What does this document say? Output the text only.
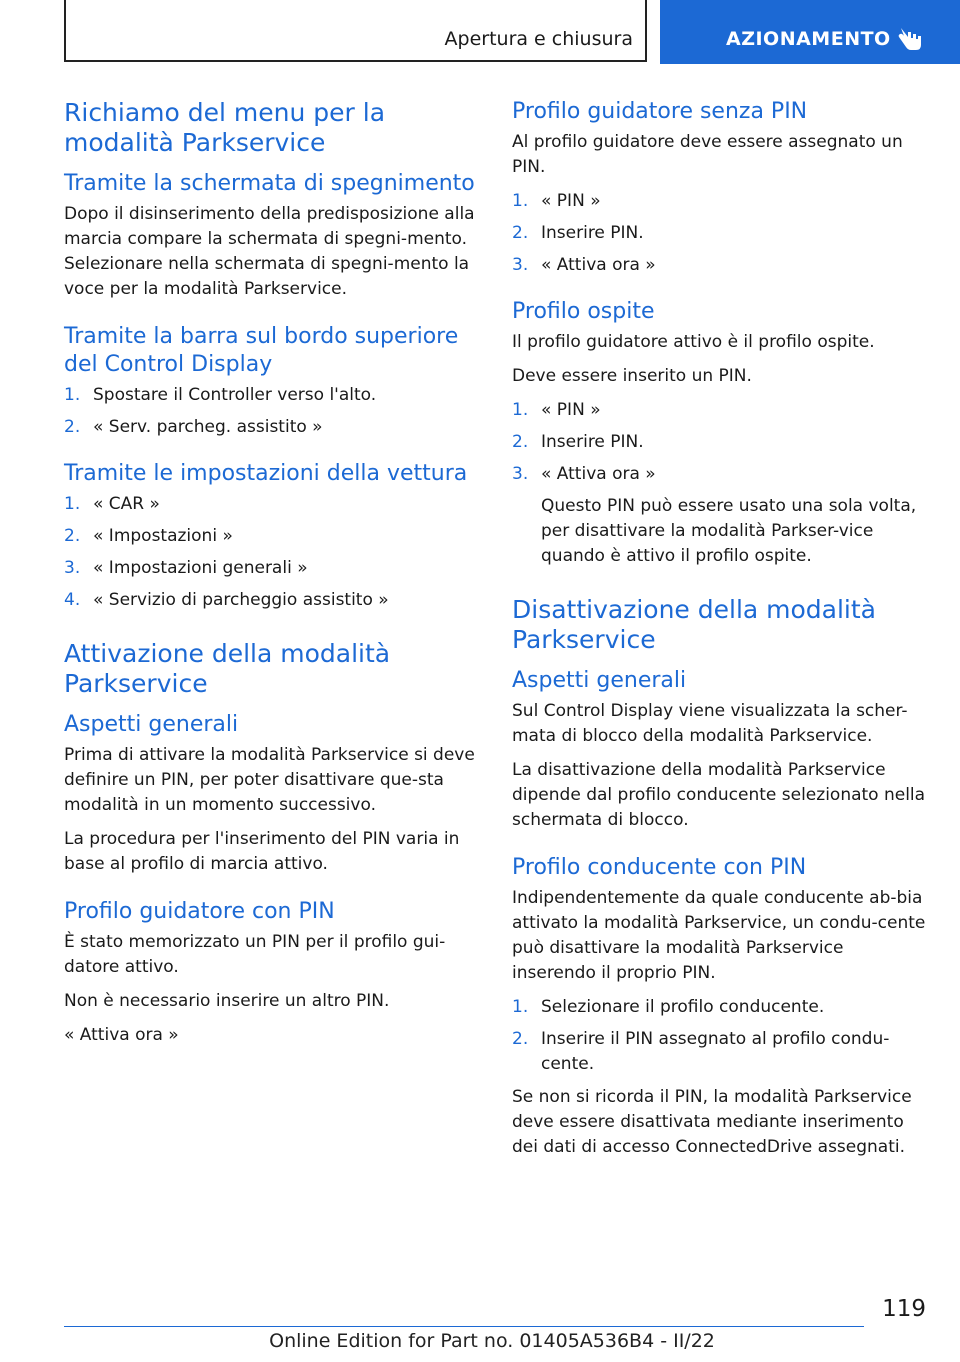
Apertura e chiusura	AZIONAMENTO
Richiamo del menu per la modalità Parkservice
Tramite la schermata di spegnimento

Dopo il disinserimento della predisposizione alla marcia compare la schermata di spegni-mento. Selezionare nella schermata di spegni-mento la voce per la modalità Parkservice.

Tramite la barra sul bordo superiore del Control Display
1. Spostare il Controller verso l'alto.
2. « Serv. parcheg. assistito »
Tramite le impostazioni della vettura
1. « CAR »
2. « Impostazioni »
3. « Impostazioni generali »
4. « Servizio di parcheggio assistito »
Attivazione della modalità Parkservice
Aspetti generali

Prima di attivare la modalità Parkservice si deve definire un PIN, per poter disattivare que-sta modalità in un momento successivo.

La procedura per l'inserimento del PIN varia in base al profilo di marcia attivo.

Profilo guidatore con PIN

È stato memorizzato un PIN per il profilo gui-datore attivo.

Non è necessario inserire un altro PIN.

« Attiva ora »

Profilo guidatore senza PIN

Al profilo guidatore deve essere assegnato un PIN.

1. « PIN »
2. Inserire PIN.
3. « Attiva ora »
Profilo ospite

Il profilo guidatore attivo è il profilo ospite.

Deve essere inserito un PIN.

1. « PIN »
2. Inserire PIN.
3. « Attiva ora »
Questo PIN può essere usato una sola volta, per disattivare la modalità Parkser-vice quando è attivo il profilo ospite.
Disattivazione della modalità Parkservice
Aspetti generali

Sul Control Display viene visualizzata la scher-mata di blocco della modalità Parkservice.

La disattivazione della modalità Parkservice dipende dal profilo conducente selezionato nella schermata di blocco.

Profilo conducente con PIN

Indipendentemente da quale conducente ab-bia attivato la modalità Parkservice, un condu-cente può disattivare la modalità Parkservice inserendo il proprio PIN.

1. Selezionare il profilo conducente.
2. Inserire il PIN assegnato al profilo condu-cente.

Se non si ricorda il PIN, la modalità Parkservice deve essere disattivata mediante inserimento dei dati di accesso ConnectedDrive assegnati.

119
Online Edition for Part no. 01405A536B4 - II/22
